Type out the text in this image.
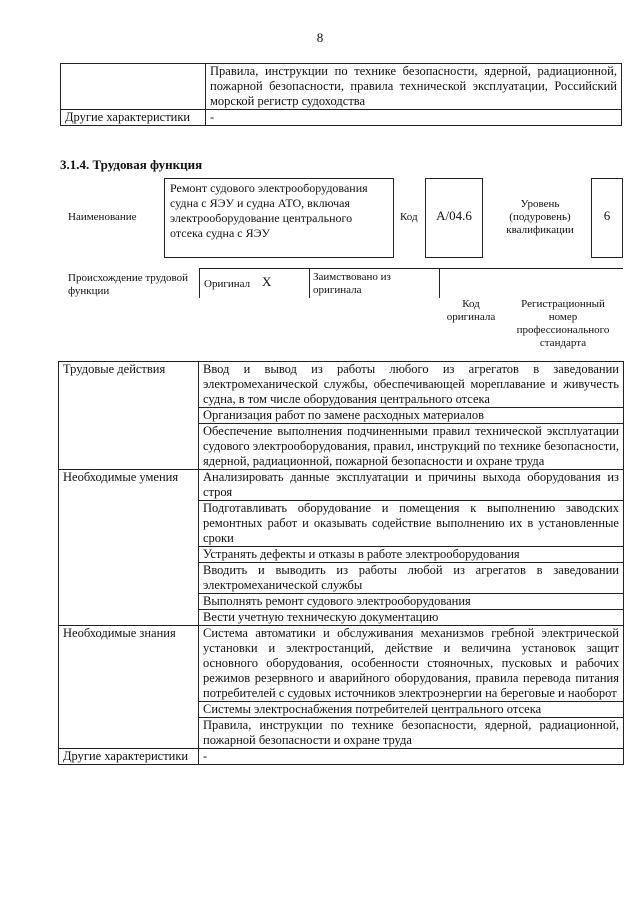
8
	Правила, инструкции по технике безопасности, ядерной, радиационной, пожарной безопасности, правила технической эксплуатации, Российский морской регистр судоходства
Другие характеристики	-
3.1.4. Трудовая функция
Наименование
Ремонт судового электрооборудования судна с ЯЭУ и судна АТО, включая электрооборудование центрального отсека судна с ЯЭУ
Код	A/04.6
Уровень (подуровень) квалификации
6
Происхождение трудовой функции
Оригинал X	Заимствовано из оригинала
Код оригинала
Регистрационный номер профессионального стандарта
Трудовые действия	Ввод и вывод из работы любого из агрегатов в заведовании электромеханической службы, обеспечивающей мореплавание и живучесть судна, в том числе оборудования центрального отсека
	Организация работ по замене расходных материалов
	Обеспечение выполнения подчиненными правил технической эксплуатации судового электрооборудования, правил, инструкций по технике безопасности, ядерной, радиационной, пожарной безопасности и охране труда
Необходимые умения	Анализировать данные эксплуатации и причины выхода оборудования из строя
	Подготавливать оборудование и помещения к выполнению заводских ремонтных работ и оказывать содействие выполнению их в установленные сроки
	Устранять дефекты и отказы в работе электрооборудования
	Вводить и выводить из работы любой из агрегатов в заведовании электромеханической службы
	Выполнять ремонт судового электрооборудования
	Вести учетную техническую документацию
Необходимые знания	Система автоматики и обслуживания механизмов гребной электрической установки и электростанций, действие и величина установок защит основного оборудования, особенности стояночных, пусковых и рабочих режимов резервного и аварийного оборудования, правила перевода питания потребителей с судовых источников электроэнергии на береговые и наоборот
	Системы электроснабжения потребителей центрального отсека
	Правила, инструкции по технике безопасности, ядерной, радиационной, пожарной безопасности и охране труда
Другие характеристики	-
